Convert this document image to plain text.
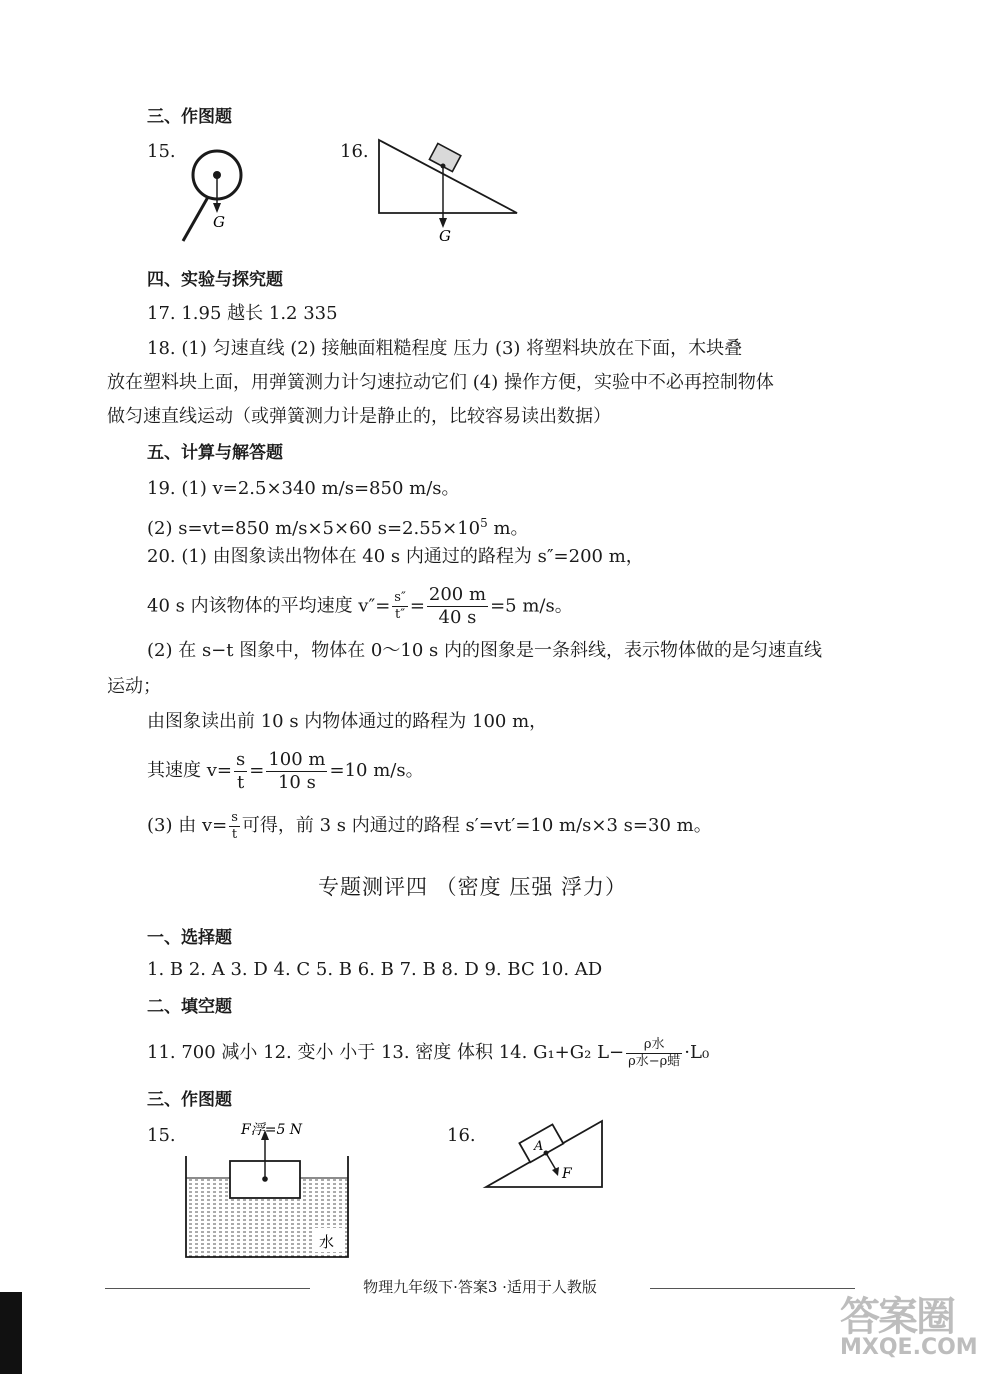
三、作图题
15.
G
16.
G
四、实验与探究题
17. 1.95 越长 1.2 335
18. (1) 匀速直线 (2) 接触面粗糙程度 压力 (3) 将塑料块放在下面，木块叠
放在塑料块上面，用弹簧测力计匀速拉动它们 (4) 操作方便，实验中不必再控制物体
做匀速直线运动（或弹簧测力计是静止的，比较容易读出数据）
五、计算与解答题
19. (1) v=2.5×340 m/s=850 m/s。
(2) s=vt=850 m/s×5×60 $s=2.55\times 10^5$ m。
20. (1) 由图象读出物体在 40 s 内通过的路程为 s″=200 m，
40 s 内该物体的平均速度 $v''= \frac{s''}{t''} = \frac{200 m}{40 s} =5$ m/s。
(2) 在 s−t 图象中，物体在 0～10 s 内的图象是一条斜线，表示物体做的是匀速直线
运动；
由图象读出前 10 s 内物体通过的路程为 100 m，
其速度 $v= \frac{s}{t} = \frac{100 m}{10 s} =10$ m/s。
(3) 由 $v= \frac{s}{t}$ 可得，前 3 s 内通过的路程 s′=vt′=10 m/s×3 s=30 m。
专题测评四 （密度 压强 浮力）
一、选择题
1. B 2. A 3. D 4. C 5. B 6. B 7. B 8. D 9. BC 10. AD
二、填空题
11. 700 减小 12. 变小 小于 13. 密度 体积 14. G₁+G₂ $L- \frac{\text{ρ水}}{\text{ρ水−ρ蜡}} \cdot L_0$
三、作图题
15.	F浮=5 N
水
16.
A
F
物理九年级下·答案3 ·适用于人教版
答案圈
MXQE.COM
